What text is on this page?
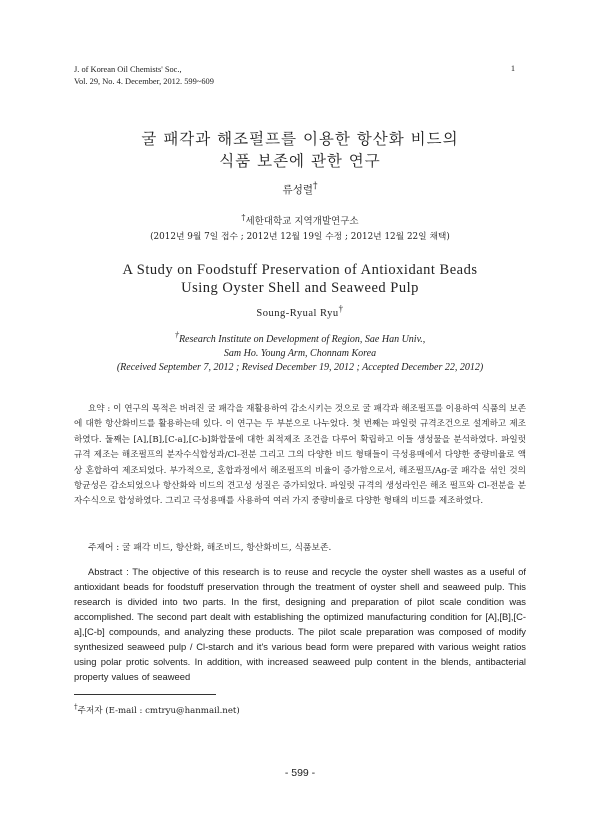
J. of Korean Oil Chemists' Soc.,
Vol. 29, No. 4. December, 2012. 599~609
1
굴 패각과 해조펄프를 이용한 항산화 비드의
식품 보존에 관한 연구
류성렬†
†세한대학교 지역개발연구소
(2012년 9월 7일 접수 ; 2012년 12월 19일 수정 ; 2012년 12월 22일 채택)
A Study on Foodstuff Preservation of Antioxidant Beads
Using Oyster Shell and Seaweed Pulp
Soung-Ryual Ryu†
†Research Institute on Development of Region, Sae Han Univ.,
Sam Ho. Young Arm, Chonnam Korea
(Received September 7, 2012 ; Revised December 19, 2012 ; Accepted December 22, 2012)

요약 : 이 연구의 목적은 버려진 굴 패각을 재활용하여 감소시키는 것으로 굴 패각과 해조펄프를 이용하여 식품의 보존에 대한 항산화비드를 활용하는데 있다. 이 연구는 두 부분으로 나누었다. 첫 번째는 파일럿 규격조건으로 설계하고 제조하였다. 둘째는 [A],[B],[C-a],[C-b]화합물에 대한 최적제조 조건을 다루어 확립하고 이들 생성물을 분석하였다. 파일럿 규격 제조는 해조펄프의 분자수식합성과/Cl-전분 그리고 그의 다양한 비드 형태들이 극성용매에서 다양한 중량비율로 액상 혼합하여 제조되었다. 부가적으로, 혼합과정에서 해조펄프의 비율이 증가함으로서, 해조펄프/Ag-굴 패각을 섞인 것의 항균성은 감소되었으나 항산화와 비드의 견고성 성질은 증가되었다. 파일럿 규격의 생성라인은 해조 펄프와 Cl-전분을 분자수식으로 합성하였다. 그리고 극성용매를 사용하여 여러 가지 중량비율로 다양한 형태의 비드를 제조하였다.

주제어 : 굴 패각 비드, 항산화, 해조비드, 항산화비드, 식품보존.

Abstract : The objective of this research is to reuse and recycle the oyster shell wastes as a useful of antioxidant beads for foodstuff preservation through the treatment of oyster shell and seaweed pulp. This research is divided into two parts. In the first, designing and preparation of pilot scale condition was accomplished. The second part dealt with establishing the optimized manufacturing condition for [A],[B],[C-a],[C-b] compounds, and analyzing these products. The pilot scale preparation was composed of modify synthesized seaweed pulp / Cl-starch and it's various bead form were prepared with various weight ratios using polar protic solvents. In addition, with increased seaweed pulp content in the blends, antibacterial property values of seaweed

†주저자 (E-mail : cmtryu@hanmail.net)
- 599 -
